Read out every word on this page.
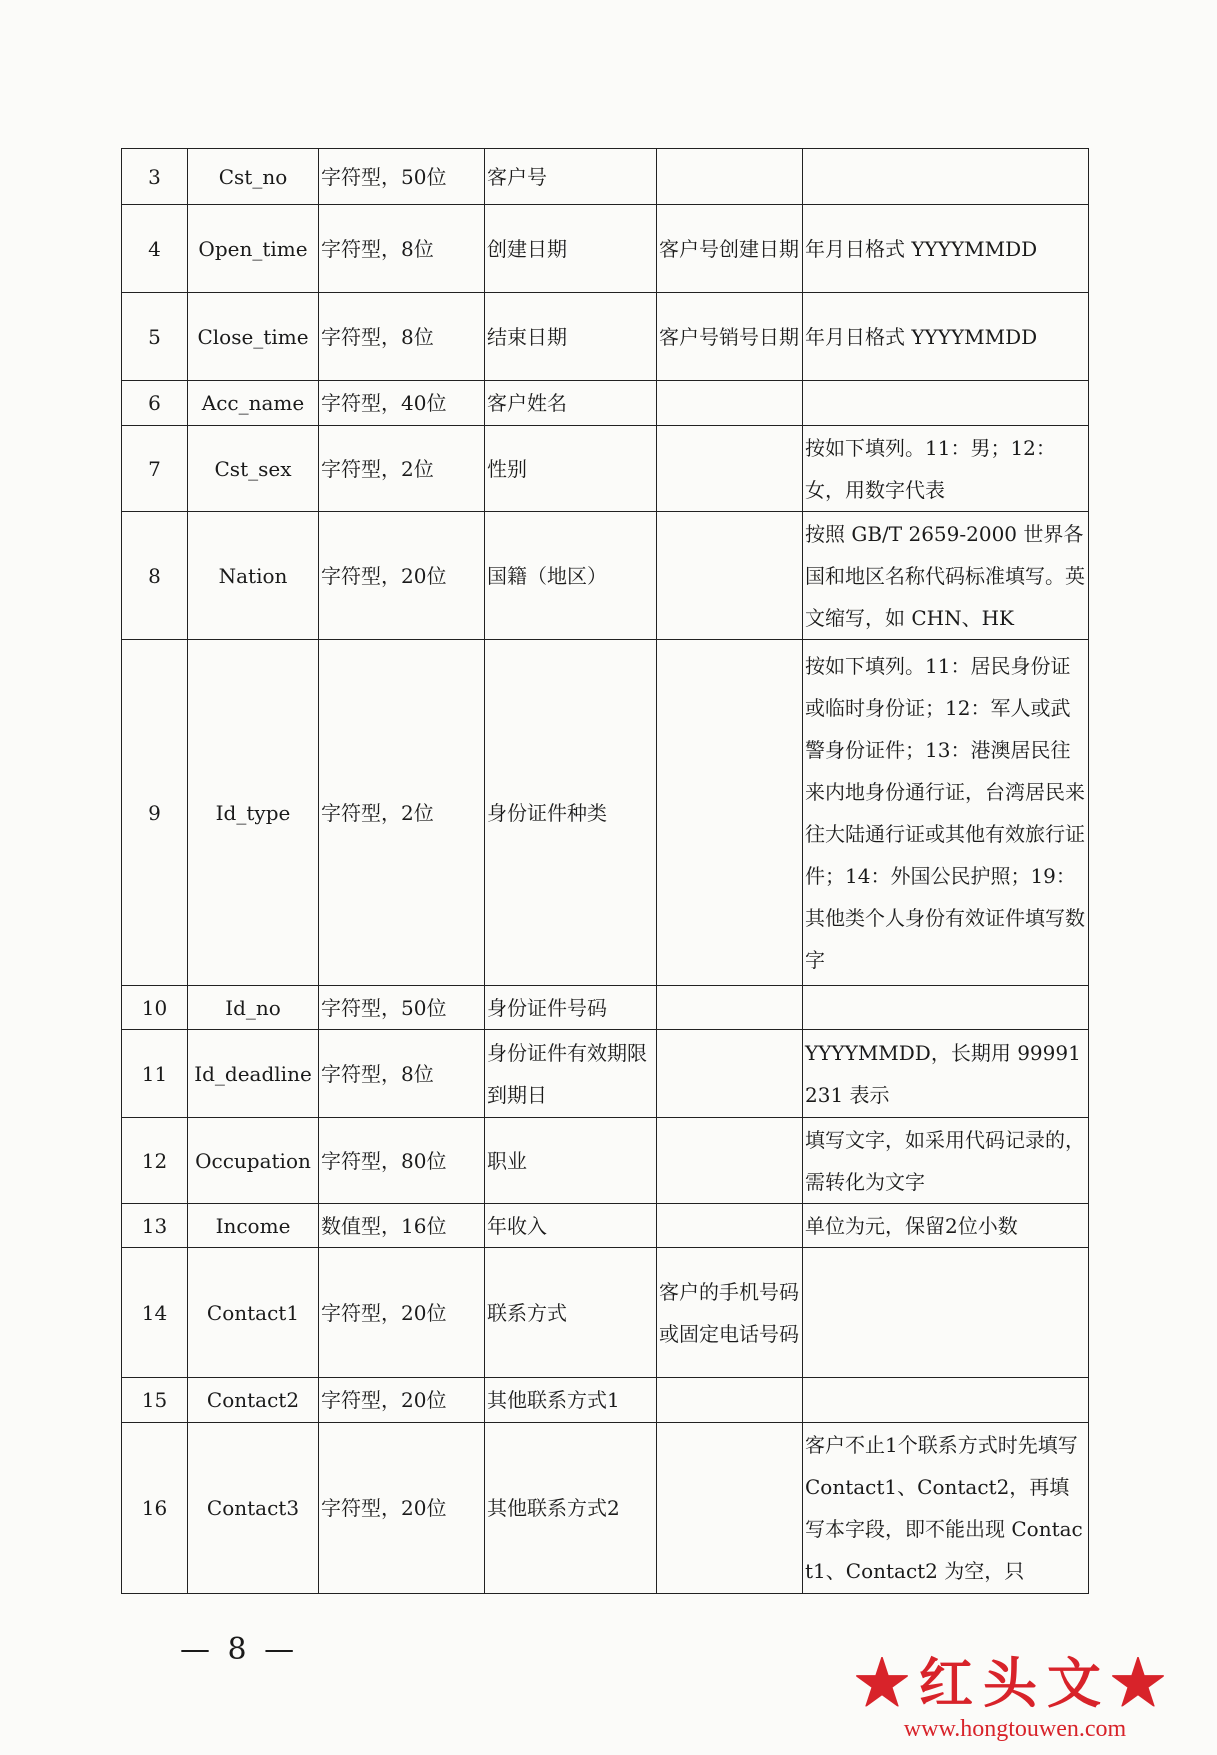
3	Cst_no	字符型，50位	客户号		
4	Open_time	字符型，8位	创建日期	客户号创建日期	年月日格式 YYYYMMDD
5	Close_time	字符型，8位	结束日期	客户号销号日期	年月日格式 YYYYMMDD
6	Acc_name	字符型，40位	客户姓名		
7	Cst_sex	字符型，2位	性别		按如下填列。11：男；12：女，用数字代表
8	Nation	字符型，20位	国籍（地区）		按照 GB/T 2659-2000 世界各国和地区名称代码标准填写。英文缩写，如 CHN、HK
9	Id_type	字符型，2位	身份证件种类		按如下填列。11：居民身份证或临时身份证；12：军人或武警身份证件；13：港澳居民往来内地身份通行证，台湾居民来往大陆通行证或其他有效旅行证件；14：外国公民护照；19：其他类个人身份有效证件填写数字
10	Id_no	字符型，50位	身份证件号码		
11	Id_deadline	字符型，8位	身份证件有效期限到期日		YYYYMMDD，长期用 99991231 表示
12	Occupation	字符型，80位	职业		填写文字，如采用代码记录的，需转化为文字
13	Income	数值型，16位	年收入		单位为元，保留2位小数
14	Contact1	字符型，20位	联系方式	客户的手机号码或固定电话号码	
15	Contact2	字符型，20位	其他联系方式1		
16	Contact3	字符型，20位	其他联系方式2		客户不止1个联系方式时先填写 Contact1、Contact2，再填写本字段，即不能出现 Contact1、Contact2 为空，只
— 8 —
★红头文★
www.hongtouwen.com
